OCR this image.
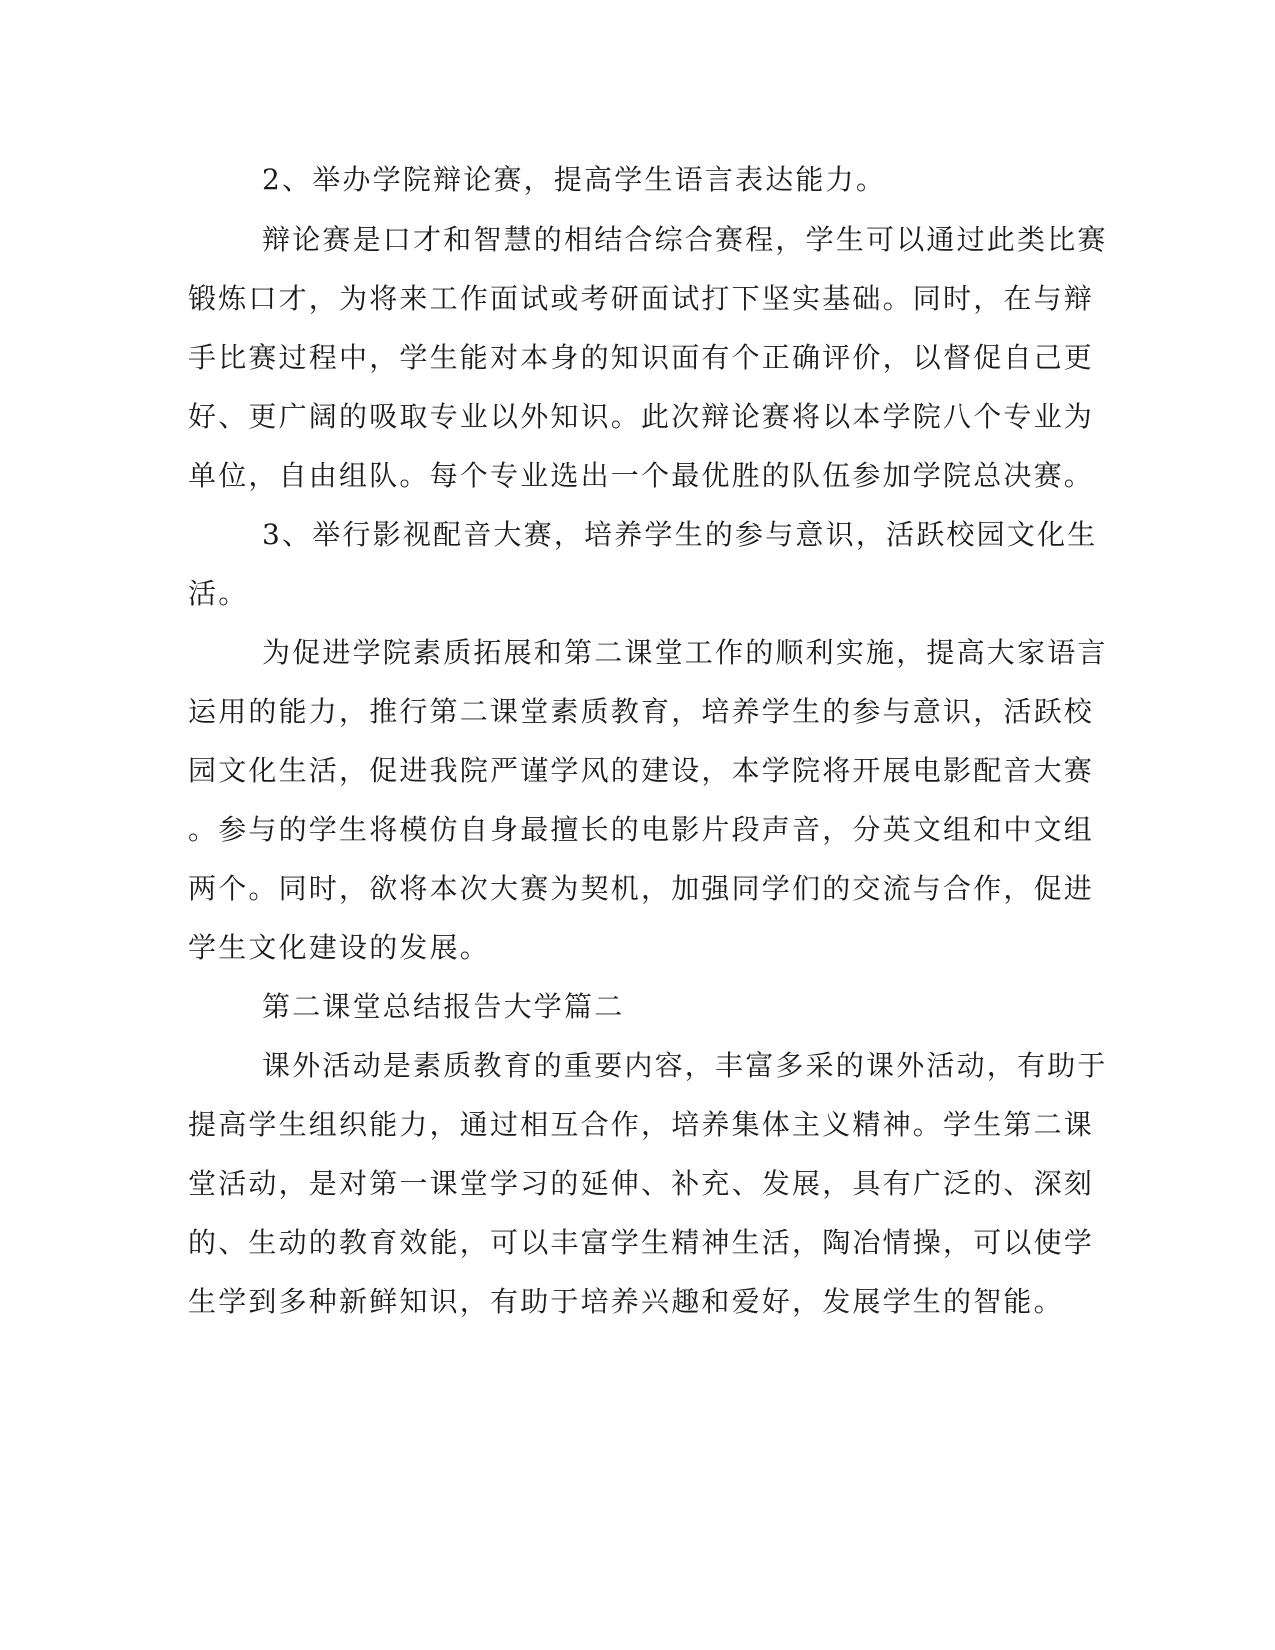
2、举办学院辩论赛，提高学生语言表达能力。
辩论赛是口才和智慧的相结合综合赛程，学生可以通过此类比赛
锻炼口才，为将来工作面试或考研面试打下坚实基础。同时，在与辩
手比赛过程中，学生能对本身的知识面有个正确评价，以督促自己更
好、更广阔的吸取专业以外知识。此次辩论赛将以本学院八个专业为
单位，自由组队。每个专业选出一个最优胜的队伍参加学院总决赛。
3、举行影视配音大赛，培养学生的参与意识，活跃校园文化生
活。
为促进学院素质拓展和第二课堂工作的顺利实施，提高大家语言
运用的能力，推行第二课堂素质教育，培养学生的参与意识，活跃校
园文化生活，促进我院严谨学风的建设，本学院将开展电影配音大赛
。参与的学生将模仿自身最擅长的电影片段声音，分英文组和中文组
两个。同时，欲将本次大赛为契机，加强同学们的交流与合作，促进
学生文化建设的发展。
第二课堂总结报告大学篇二
课外活动是素质教育的重要内容，丰富多采的课外活动，有助于
提高学生组织能力，通过相互合作，培养集体主义精神。学生第二课
堂活动，是对第一课堂学习的延伸、补充、发展，具有广泛的、深刻
的、生动的教育效能，可以丰富学生精神生活，陶冶情操，可以使学
生学到多种新鲜知识，有助于培养兴趣和爱好，发展学生的智能。
